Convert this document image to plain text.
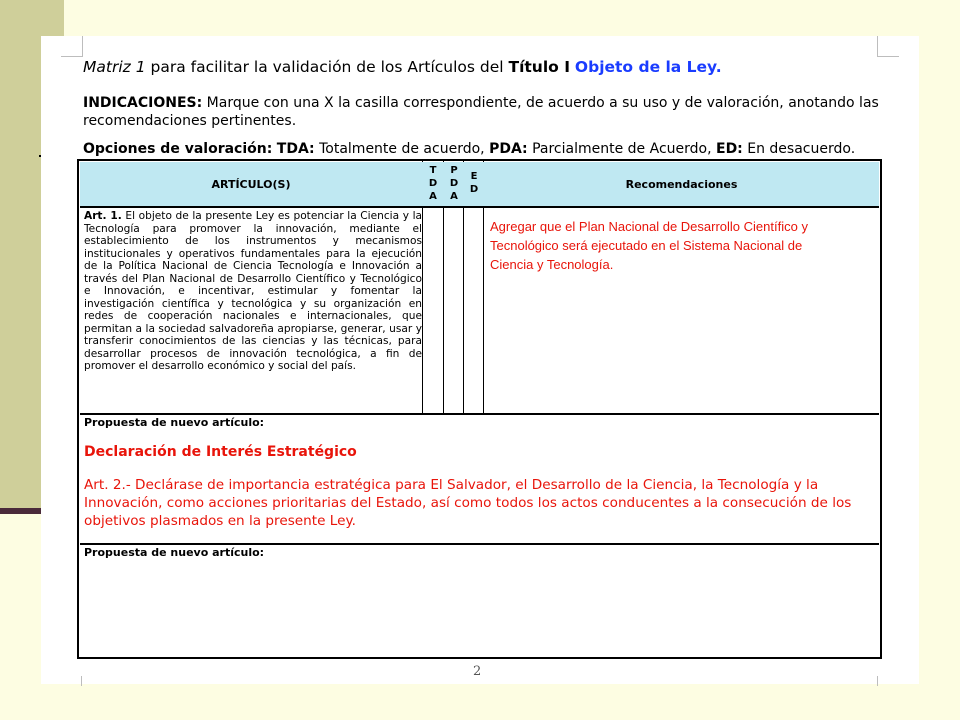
Matriz 1 para facilitar la validación de los Artículos del Título I Objeto de la Ley.
INDICACIONES: Marque con una X la casilla correspondiente, de acuerdo a su uso y de valoración, anotando las recomendaciones pertinentes.
Opciones de valoración: TDA: Totalmente de acuerdo, PDA: Parcialmente de Acuerdo, ED: En desacuerdo.
ARTÍCULO(S)
T
D
A
P
D
A
E
D	Recomendaciones
Art. 1. El objeto de la presente Ley es potenciar la Ciencia y la Tecnología para promover la innovación, mediante el establecimiento de los instrumentos y mecanismos institucionales y operativos fundamentales para la ejecución de la Política Nacional de Ciencia Tecnología e Innovación a través del Plan Nacional de Desarrollo Científico y Tecnológico e Innovación, e incentivar, estimular y fomentar la investigación científica y tecnológica y su organización en redes de cooperación nacionales e internacionales, que permitan a la sociedad salvadoreña apropiarse, generar, usar y transferir conocimientos de las ciencias y las técnicas, para desarrollar procesos de innovación tecnológica, a fin de promover el desarrollo económico y social del país.
Agregar que el Plan Nacional de Desarrollo Científico y Tecnológico será ejecutado en el Sistema Nacional de Ciencia y Tecnología.
Propuesta de nuevo artículo:
Declaración de Interés Estratégico
Art. 2.- Declárase de importancia estratégica para El Salvador, el Desarrollo de la Ciencia, la Tecnología y la Innovación, como acciones prioritarias del Estado, así como todos los actos conducentes a la consecución de los objetivos plasmados en la presente Ley.
Propuesta de nuevo artículo:
2
